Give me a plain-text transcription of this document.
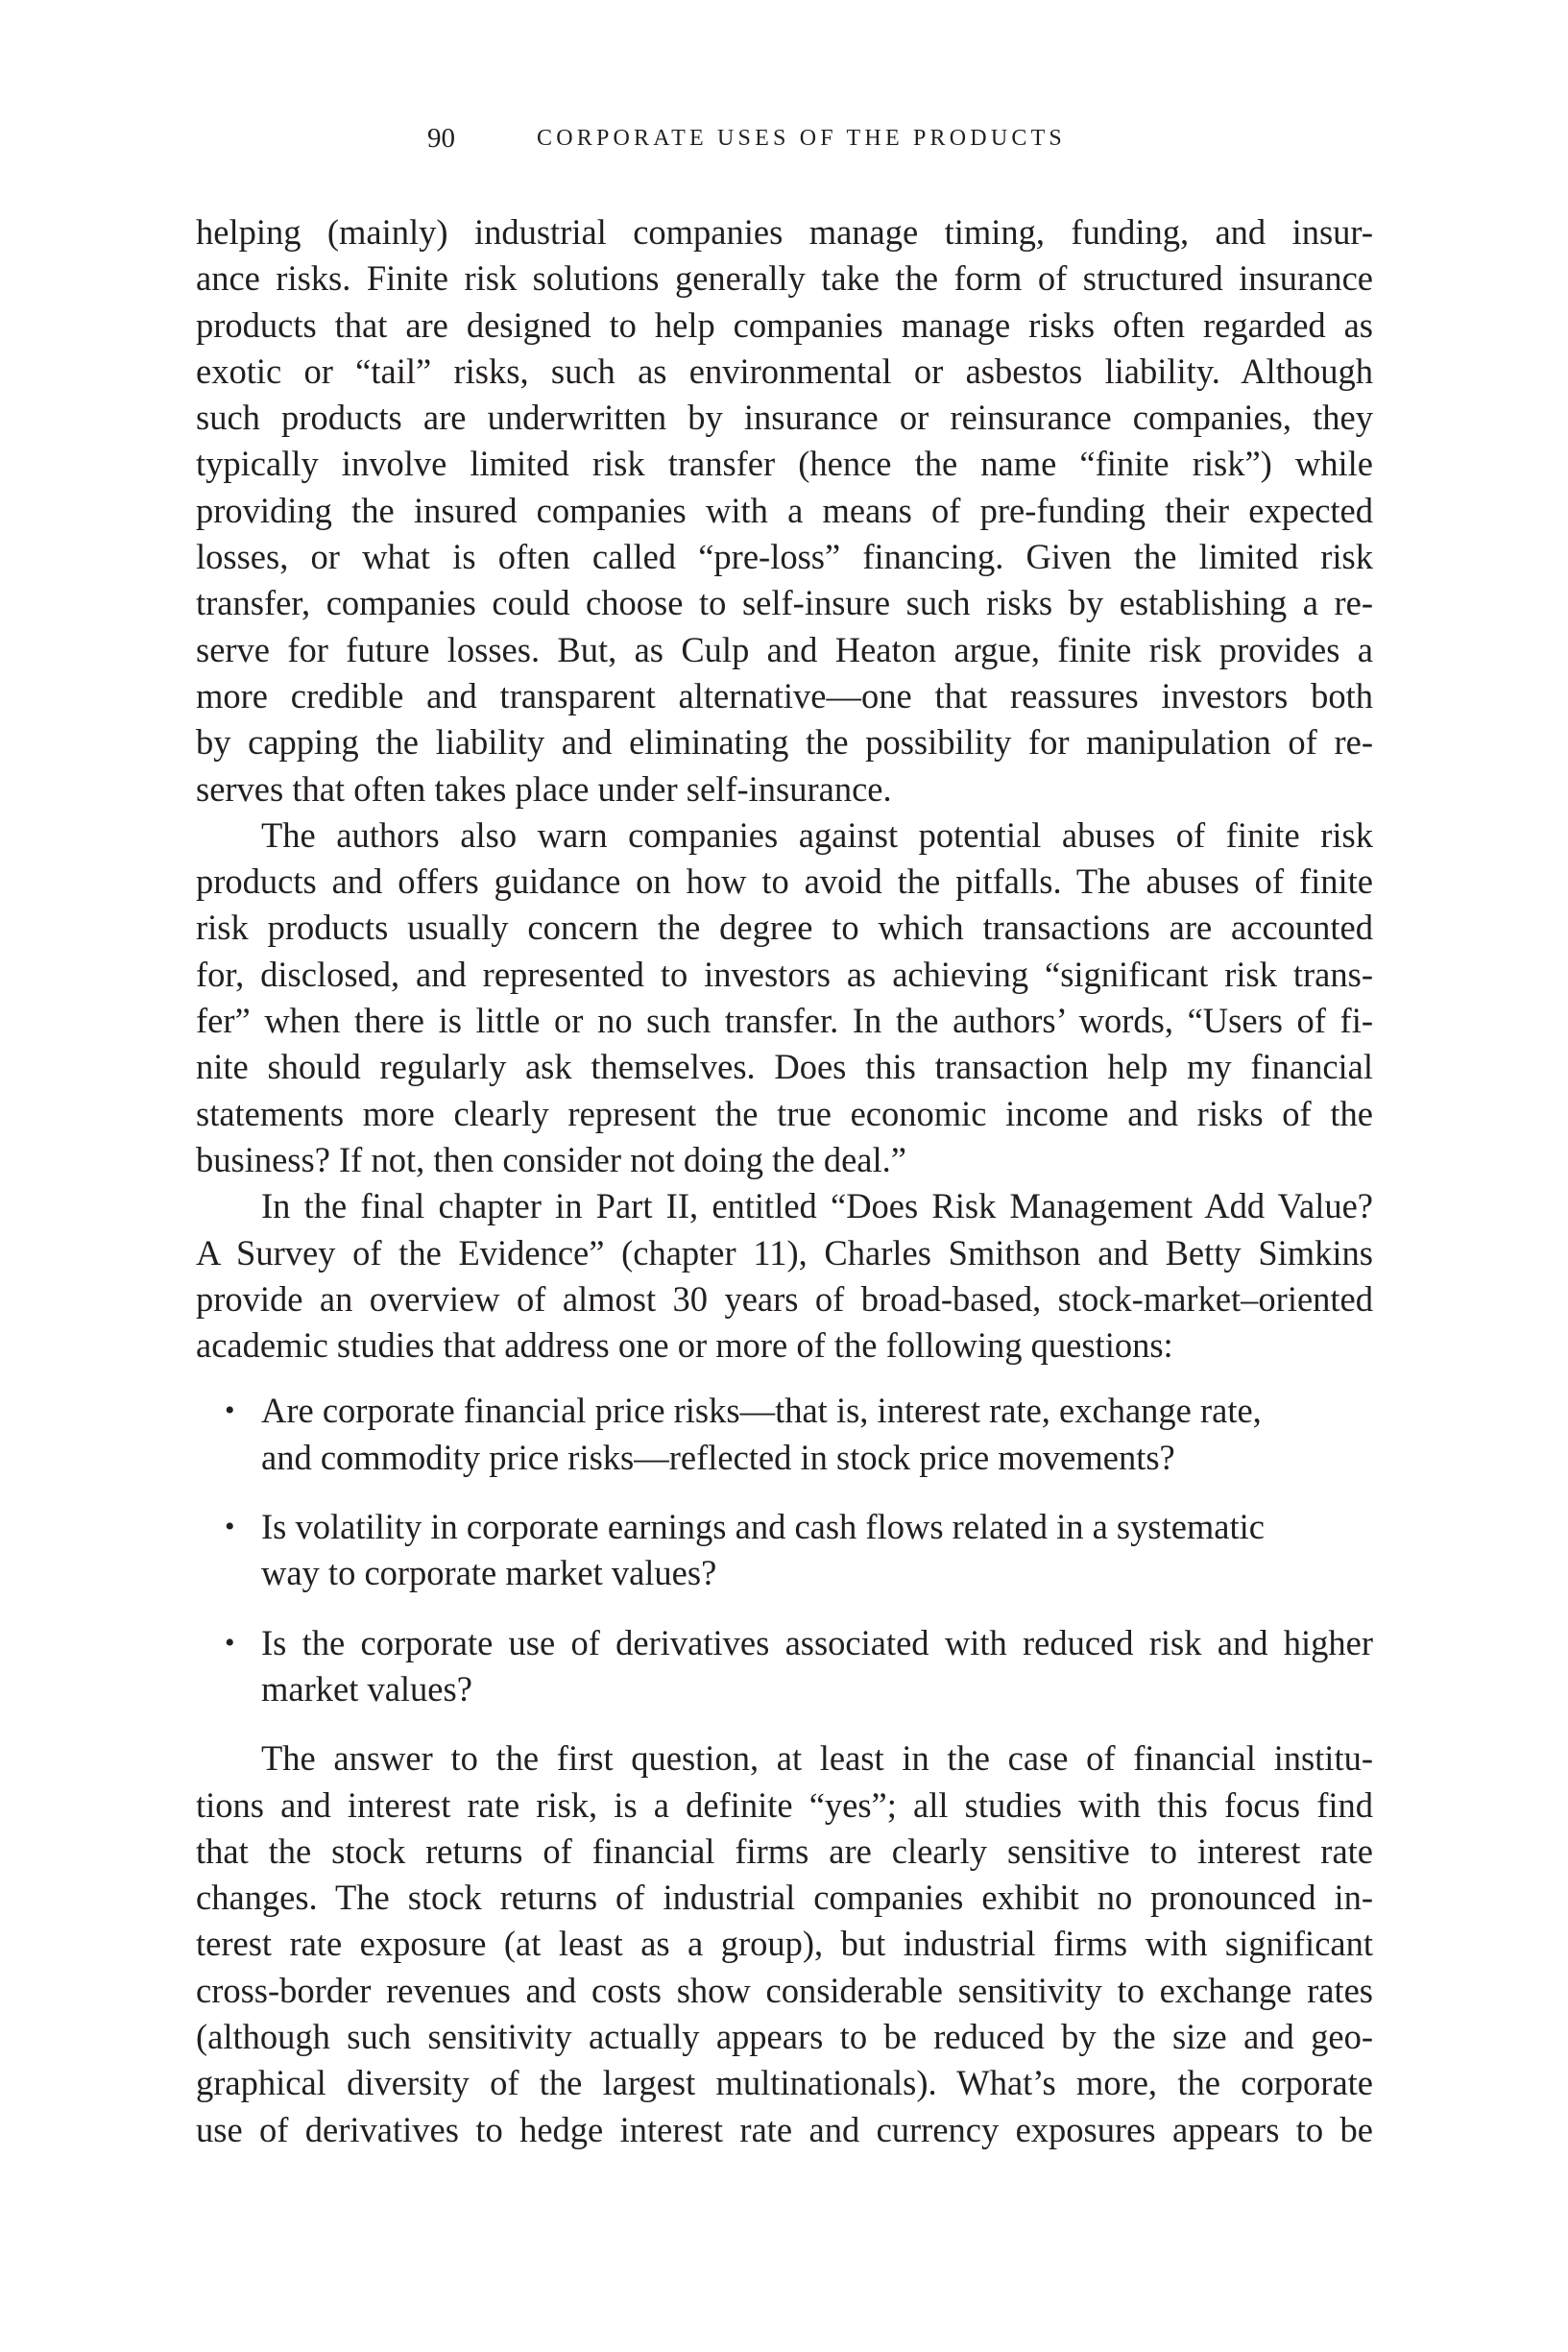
90	CORPORATE USES OF THE PRODUCTS
helping (mainly) industrial companies manage timing, funding, and insur-
ance risks. Finite risk solutions generally take the form of structured insurance
products that are designed to help companies manage risks often regarded as
exotic or “tail” risks, such as environmental or asbestos liability. Although
such products are underwritten by insurance or reinsurance companies, they
typically involve limited risk transfer (hence the name “finite risk”) while
providing the insured companies with a means of pre-funding their expected
losses, or what is often called “pre-loss” financing. Given the limited risk
transfer, companies could choose to self-insure such risks by establishing a re-
serve for future losses. But, as Culp and Heaton argue, finite risk provides a
more credible and transparent alternative—one that reassures investors both
by capping the liability and eliminating the possibility for manipulation of re-
serves that often takes place under self-insurance.
The authors also warn companies against potential abuses of finite risk
products and offers guidance on how to avoid the pitfalls. The abuses of finite
risk products usually concern the degree to which transactions are accounted
for, disclosed, and represented to investors as achieving “significant risk trans-
fer” when there is little or no such transfer. In the authors’ words, “Users of fi-
nite should regularly ask themselves. Does this transaction help my financial
statements more clearly represent the true economic income and risks of the
business? If not, then consider not doing the deal.”
In the final chapter in Part II, entitled “Does Risk Management Add Value?
A Survey of the Evidence” (chapter 11), Charles Smithson and Betty Simkins
provide an overview of almost 30 years of broad-based, stock-market–oriented
academic studies that address one or more of the following questions:
• Are corporate financial price risks—that is, interest rate, exchange rate,
and commodity price risks—reflected in stock price movements?
• Is volatility in corporate earnings and cash flows related in a systematic
way to corporate market values?
• Is the corporate use of derivatives associated with reduced risk and higher
market values?
The answer to the first question, at least in the case of financial institu-
tions and interest rate risk, is a definite “yes”; all studies with this focus find
that the stock returns of financial firms are clearly sensitive to interest rate
changes. The stock returns of industrial companies exhibit no pronounced in-
terest rate exposure (at least as a group), but industrial firms with significant
cross-border revenues and costs show considerable sensitivity to exchange rates
(although such sensitivity actually appears to be reduced by the size and geo-
graphical diversity of the largest multinationals). What’s more, the corporate
use of derivatives to hedge interest rate and currency exposures appears to be
